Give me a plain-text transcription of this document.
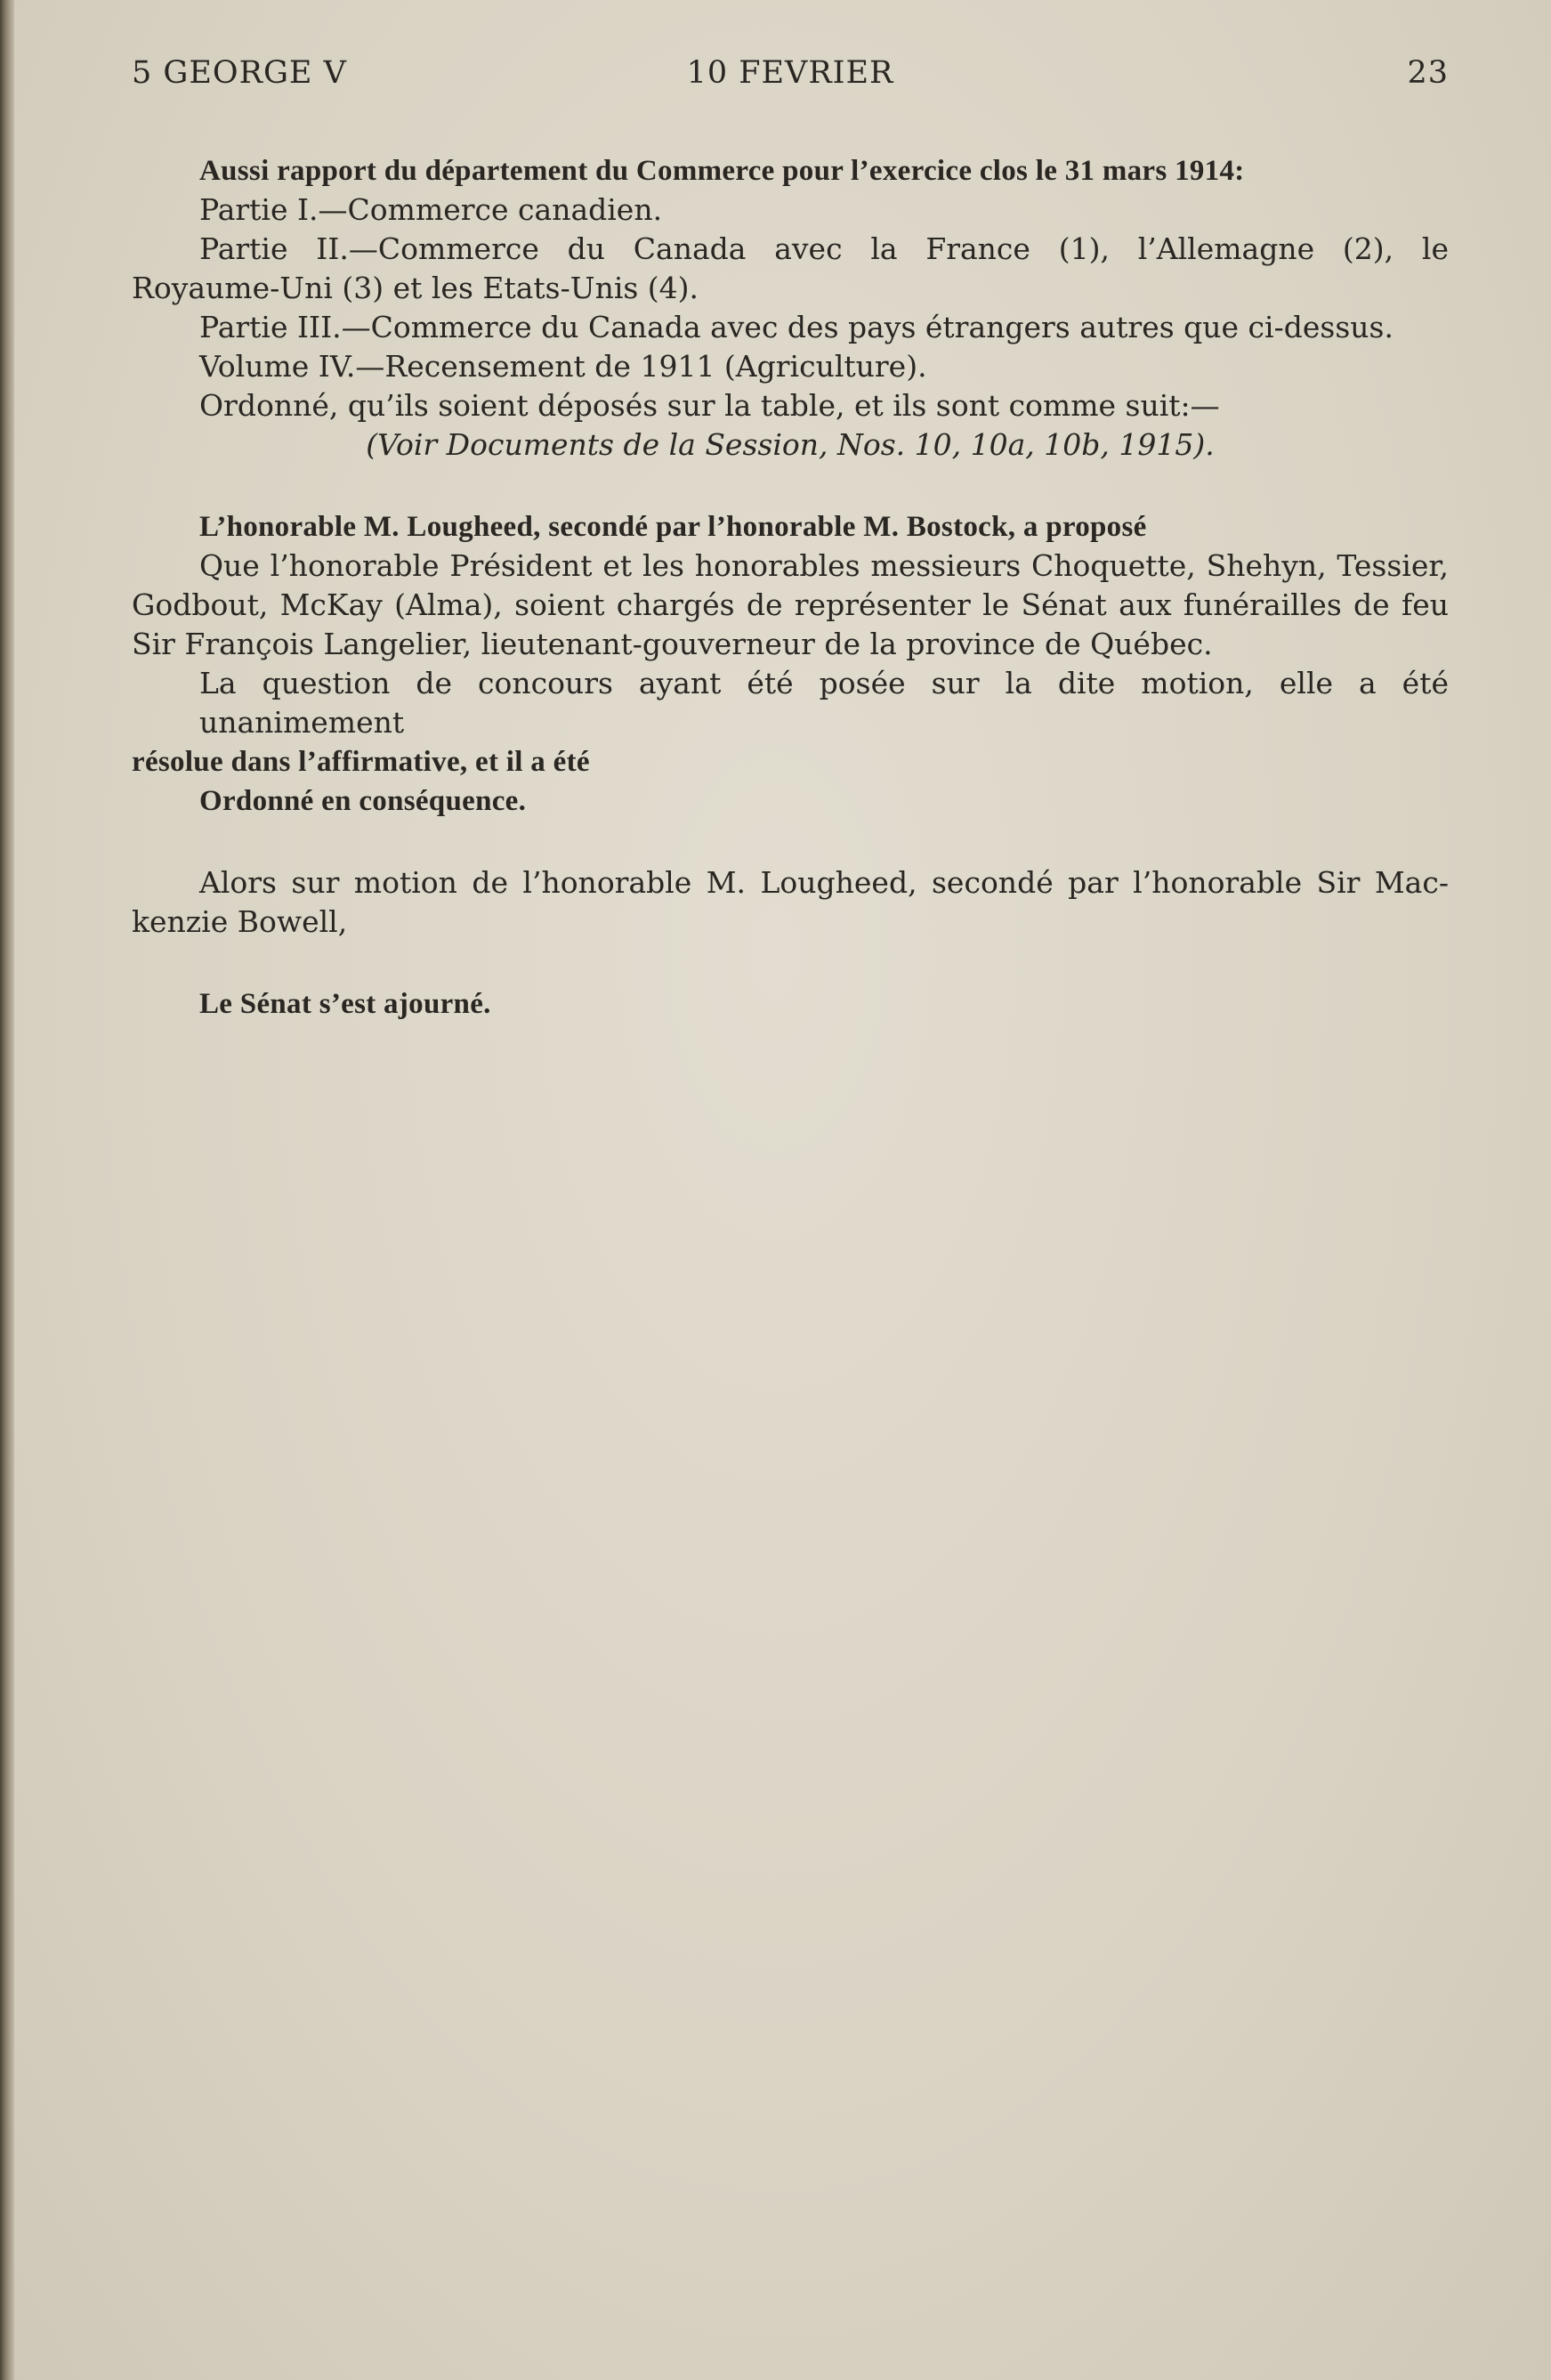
5 GEORGE V	10 FEVRIER	23
Aussi rapport du département du Commerce pour l’exercice clos le 31 mars 1914:
Partie I.—Commerce canadien.
Partie II.—Commerce du Canada avec la France (1), l’Allemagne (2), le
Royaume-Uni (3) et les Etats-Unis (4).
Partie III.—Commerce du Canada avec des pays étrangers autres que ci-dessus.
Volume IV.—Recensement de 1911 (Agriculture).
Ordonné, qu’ils soient déposés sur la table, et ils sont comme suit:—
(Voir Documents de la Session, Nos. 10, 10a, 10b, 1915).
L’honorable M. Lougheed, secondé par l’honorable M. Bostock, a proposé
Que l’honorable Président et les honorables messieurs Choquette, Shehyn, Tessier,
Godbout, McKay (Alma), soient chargés de représenter le Sénat aux funérailles de feu
Sir François Langelier, lieutenant-gouverneur de la province de Québec.
La question de concours ayant été posée sur la dite motion, elle a été unanimement
résolue dans l’affirmative, et il a été
Ordonné en conséquence.
Alors sur motion de l’honorable M. Lougheed, secondé par l’honorable Sir Mac-
kenzie Bowell,
Le Sénat s’est ajourné.
